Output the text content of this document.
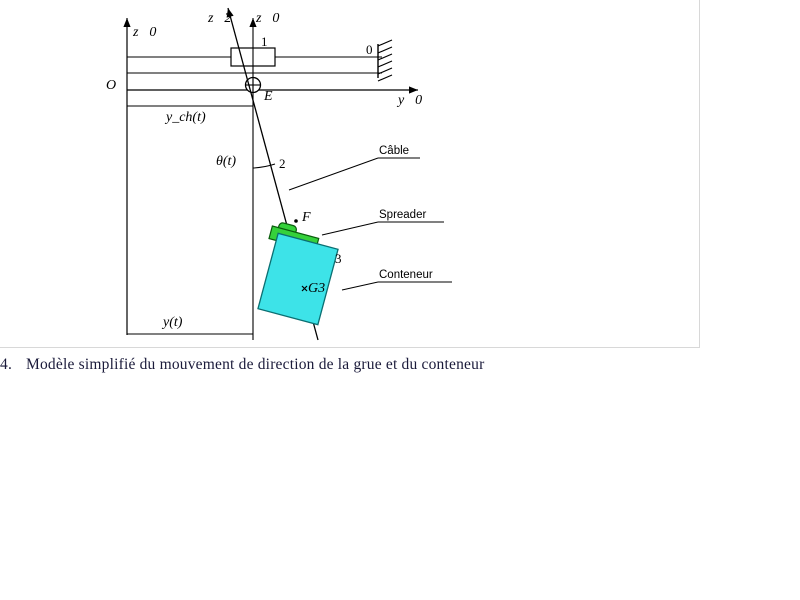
z⃗0
z⃗2 z⃗0
O
y⃗0
1
0
E
y_ch(t)
θ(t)	2
F
3
G3
y(t)
Câble
Spreader
Conteneur
4. Modèle simplifié du mouvement de direction de la grue et du conteneur
